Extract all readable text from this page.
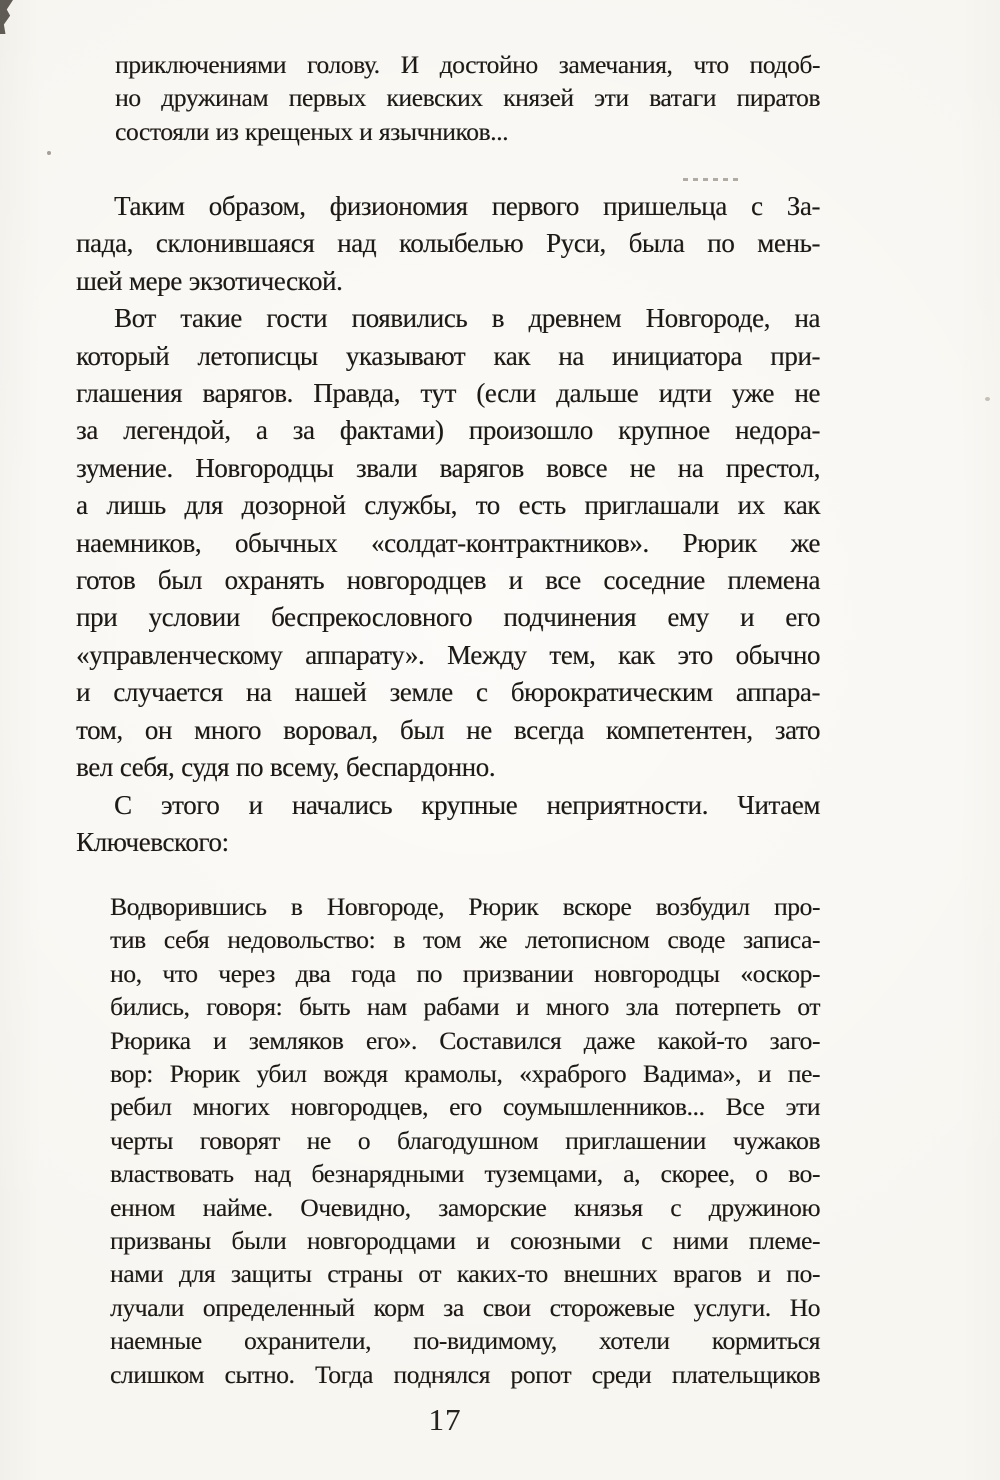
приключениями голову. И достойно замечания, что подоб-
но дружинам первых киевских князей эти ватаги пиратов
состояли из крещеных и язычников...
Таким образом, физиономия первого пришельца с За-
пада, склонившаяся над колыбелью Руси, была по мень-
шей мере экзотической.
Вот такие гости появились в древнем Новгороде, на
который летописцы указывают как на инициатора при-
глашения варягов. Правда, тут (если дальше идти уже не
за легендой, а за фактами) произошло крупное недора-
зумение. Новгородцы звали варягов вовсе не на престол,
а лишь для дозорной службы, то есть приглашали их как
наемников, обычных «солдат-контрактников». Рюрик же
готов был охранять новгородцев и все соседние племена
при условии беспрекословного подчинения ему и его
«управленческому аппарату». Между тем, как это обычно
и случается на нашей земле с бюрократическим аппара-
том, он много воровал, был не всегда компетентен, зато
вел себя, судя по всему, беспардонно.
С этого и начались крупные неприятности. Читаем
Ключевского:
Водворившись в Новгороде, Рюрик вскоре возбудил про-
тив себя недовольство: в том же летописном своде записа-
но, что через два года по призвании новгородцы «оскор-
бились, говоря: быть нам рабами и много зла потерпеть от
Рюрика и земляков его». Составился даже какой-то заго-
вор: Рюрик убил вождя крамолы, «храброго Вадима», и пе-
ребил многих новгородцев, его соумышленников... Все эти
черты говорят не о благодушном приглашении чужаков
властвовать над безнарядными туземцами, а, скорее, о во-
енном найме. Очевидно, заморские князья с дружиною
призваны были новгородцами и союзными с ними племе-
нами для защиты страны от каких-то внешних врагов и по-
лучали определенный корм за свои сторожевые услуги. Но
наемные охранители, по-видимому, хотели кормиться
слишком сытно. Тогда поднялся ропот среди плательщиков
17
